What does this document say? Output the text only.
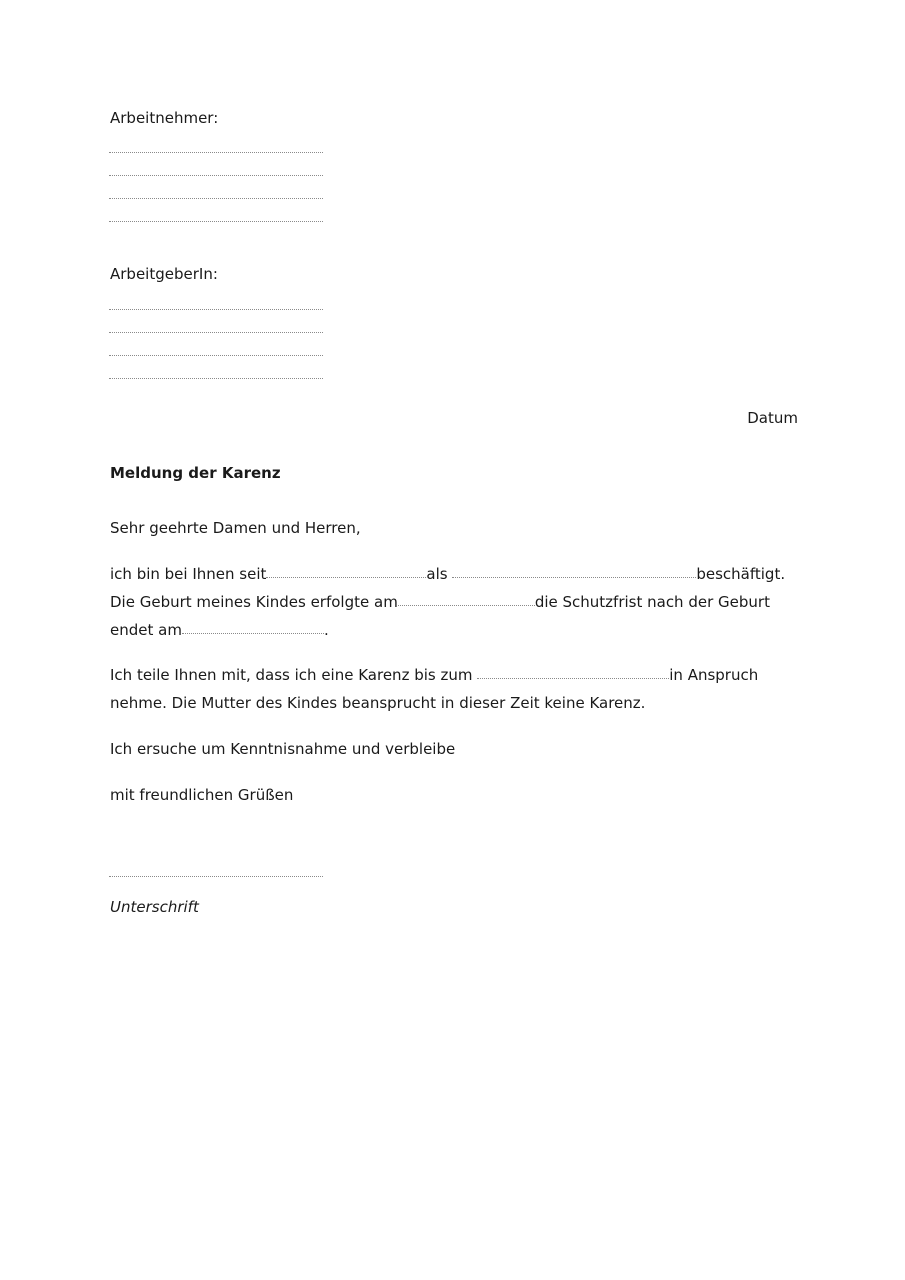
Arbeitnehmer:
ArbeitgeberIn:
Datum
Meldung der Karenz
Sehr geehrte Damen und Herren,
ich bin bei Ihnen seit	als	beschäftigt.
Die Geburt meines Kindes erfolgte am	die Schutzfrist nach der Geburt
endet am	.
Ich teile Ihnen mit, dass ich eine Karenz bis zum	in Anspruch
nehme. Die Mutter des Kindes beansprucht in dieser Zeit keine Karenz.
Ich ersuche um Kenntnisnahme und verbleibe
mit freundlichen Grüßen
Unterschrift
